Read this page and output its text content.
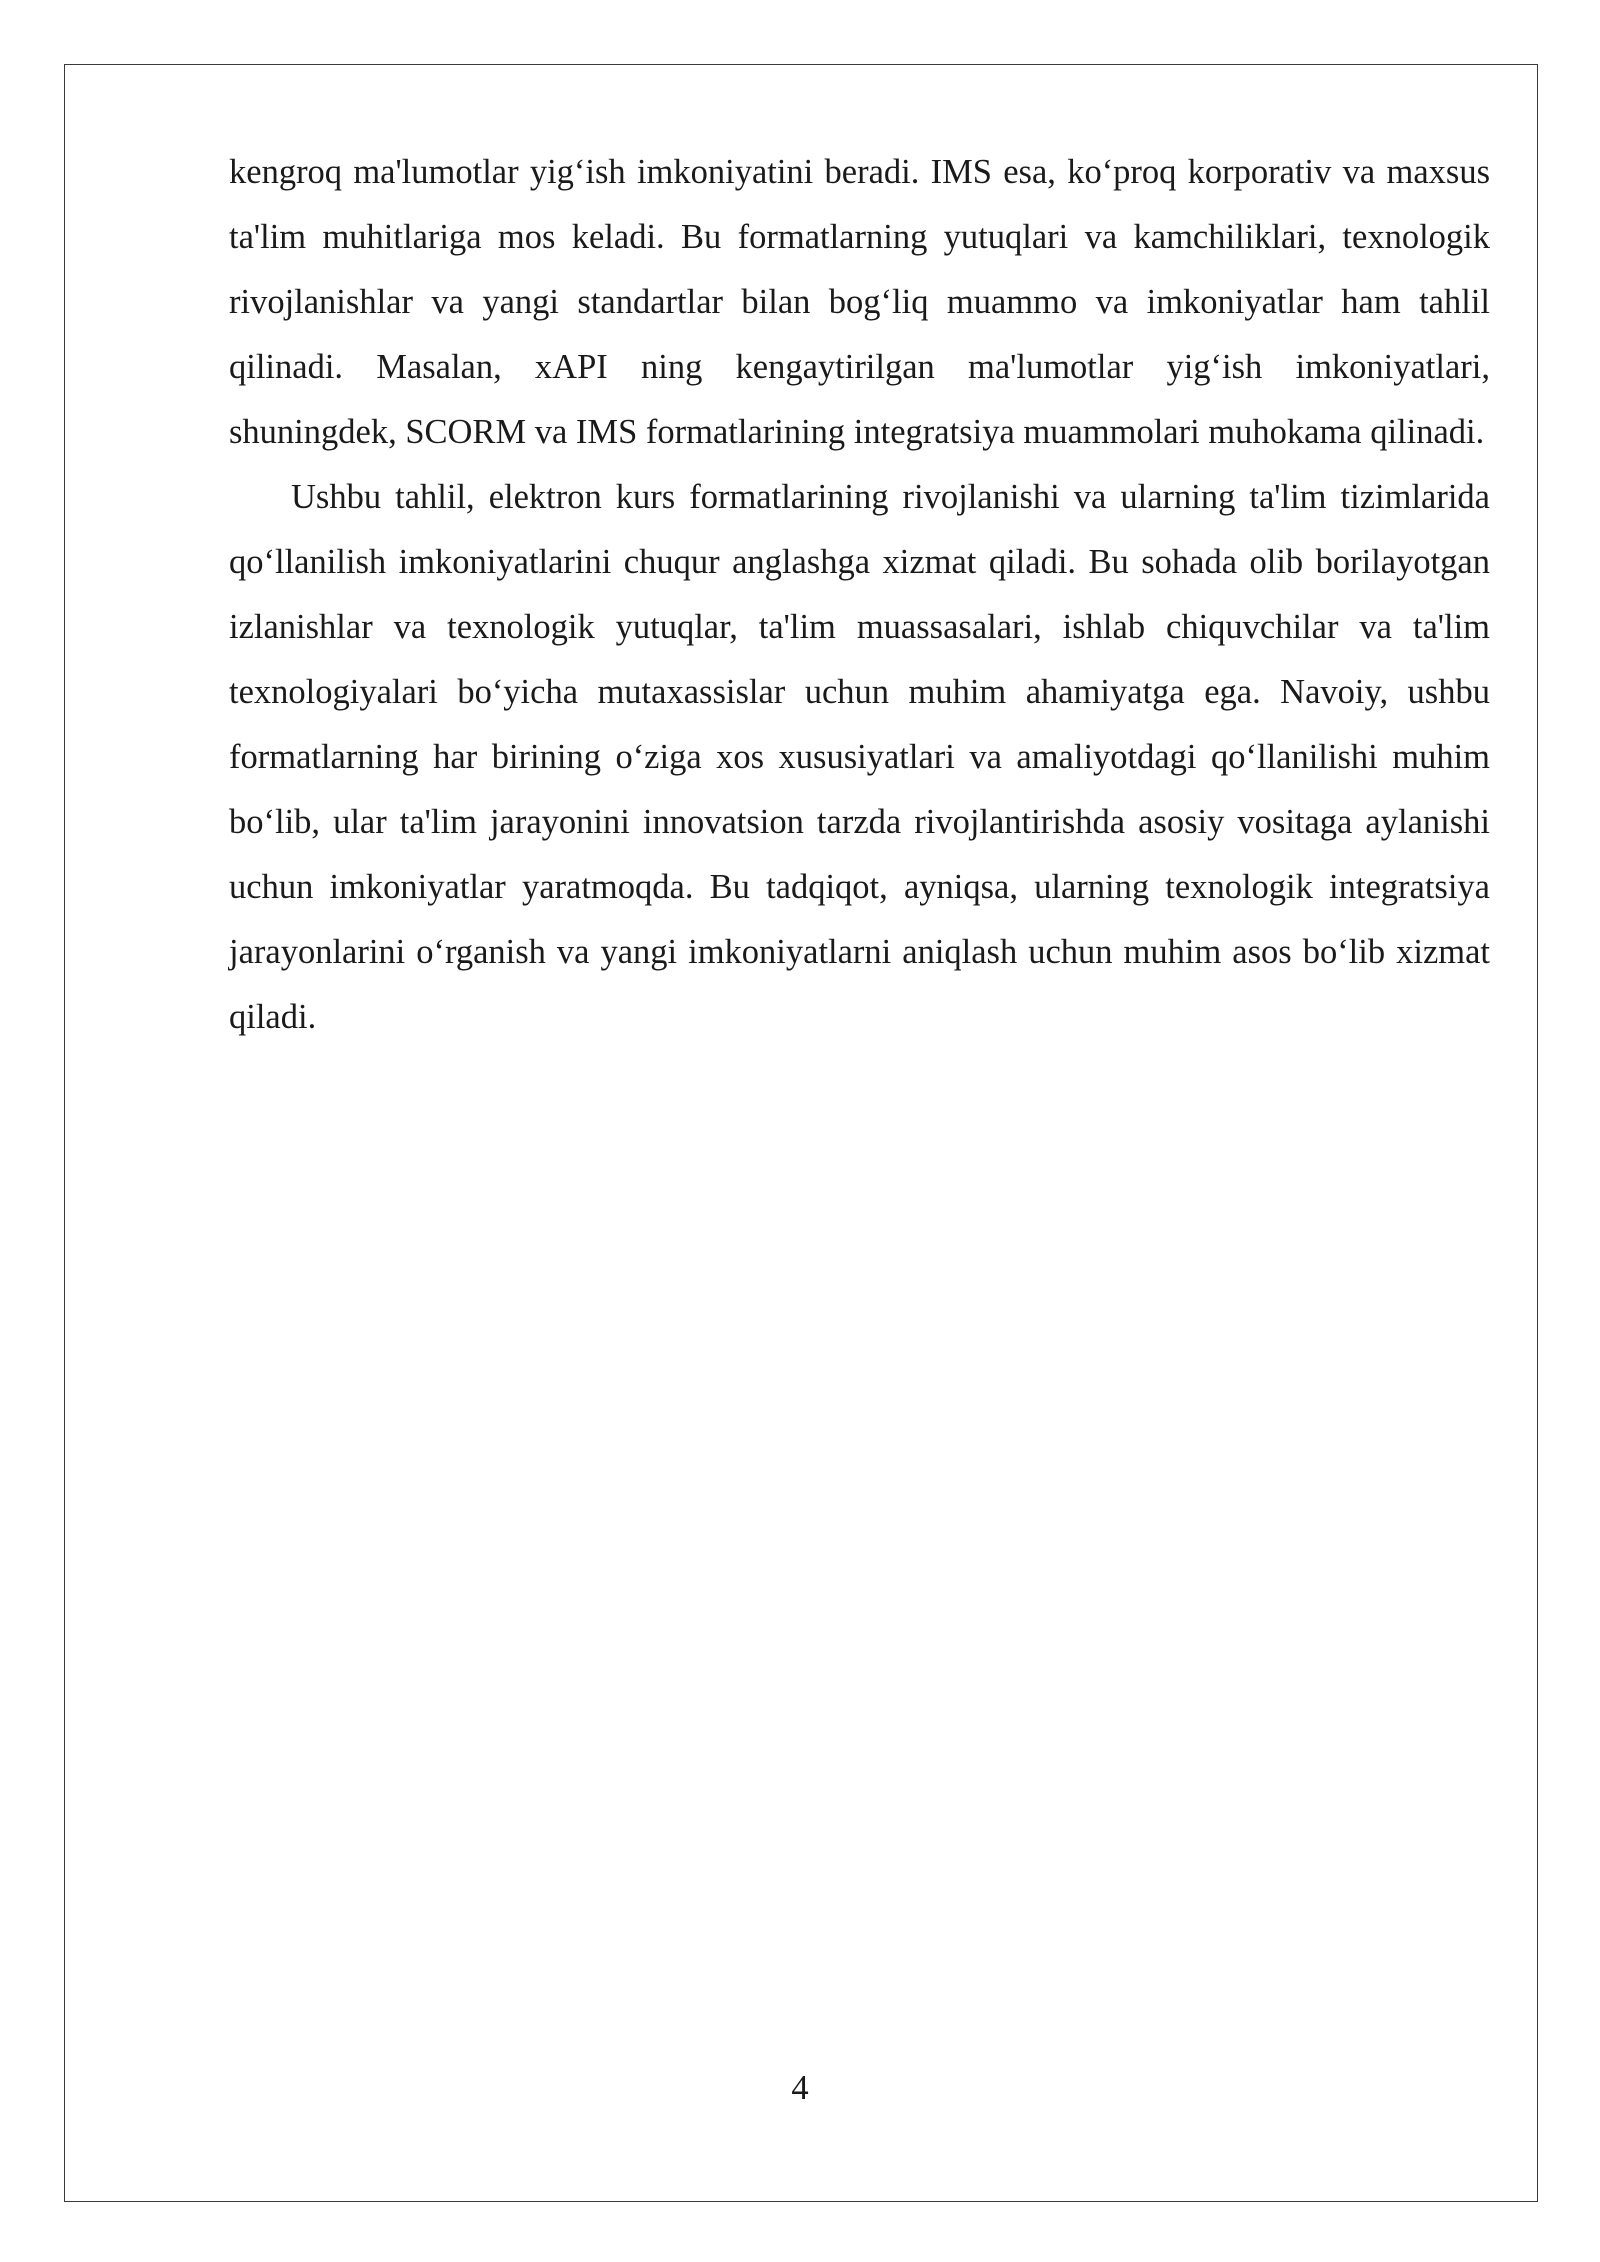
kengroq ma'lumotlar yig‘ish imkoniyatini beradi. IMS esa, ko‘proq korporativ va maxsus ta'lim muhitlariga mos keladi. Bu formatlarning yutuqlari va kamchiliklari, texnologik rivojlanishlar va yangi standartlar bilan bog‘liq muammo va imkoniyatlar ham tahlil qilinadi. Masalan, xAPI ning kengaytirilgan ma'lumotlar yig‘ish imkoniyatlari, shuningdek, SCORM va IMS formatlarining integratsiya muammolari muhokama qilinadi.

Ushbu tahlil, elektron kurs formatlarining rivojlanishi va ularning ta'lim tizimlarida qo‘llanilish imkoniyatlarini chuqur anglashga xizmat qiladi. Bu sohada olib borilayotgan izlanishlar va texnologik yutuqlar, ta'lim muassasalari, ishlab chiquvchilar va ta'lim texnologiyalari bo‘yicha mutaxassislar uchun muhim ahamiyatga ega. Navoiy, ushbu formatlarning har birining o‘ziga xos xususiyatlari va amaliyotdagi qo‘llanilishi muhim bo‘lib, ular ta'lim jarayonini innovatsion tarzda rivojlantirishda asosiy vositaga aylanishi uchun imkoniyatlar yaratmoqda. Bu tadqiqot, ayniqsa, ularning texnologik integratsiya jarayonlarini o‘rganish va yangi imkoniyatlarni aniqlash uchun muhim asos bo‘lib xizmat qiladi.

4
